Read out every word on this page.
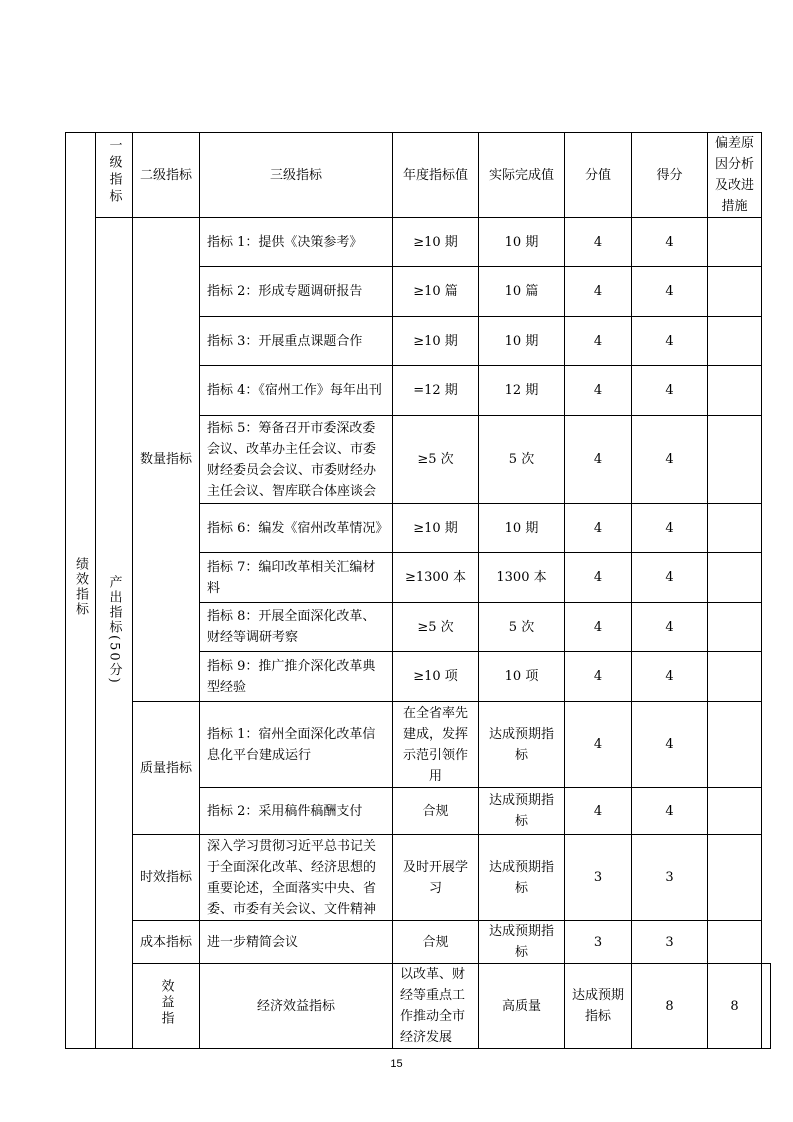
绩效指标	一级指标	二级指标	三级指标	年度指标值	实际完成值	分值	得分	偏差原因分析及改进措施	
	产出指标(50分)	数量指标	指标 1：提供《决策参考》	≥10 期	10 期	4	4		
			指标 2：形成专题调研报告	≥10 篇	10 篇	4	4		
			指标 3：开展重点课题合作	≥10 期	10 期	4	4		
			指标 4：《宿州工作》每年出刊	=12 期	12 期	4	4		
			指标 5：筹备召开市委深改委会议、改革办主任会议、市委财经委员会会议、市委财经办主任会议、智库联合体座谈会	≥5 次	5 次	4	4		
			指标 6：编发《宿州改革情况》	≥10 期	10 期	4	4		
			指标 7：编印改革相关汇编材料	≥1300 本	1300 本	4	4		
			指标 8：开展全面深化改革、财经等调研考察	≥5 次	5 次	4	4		
			指标 9：推广推介深化改革典型经验	≥10 项	10 项	4	4		
		质量指标	指标 1：宿州全面深化改革信息化平台建成运行	在全省率先建成，发挥示范引领作用	达成预期指标	4	4		
			指标 2：采用稿件稿酬支付	合规	达成预期指标	4	4		
		时效指标	深入学习贯彻习近平总书记关于全面深化改革、经济思想的重要论述，全面落实中央、省委、市委有关会议、文件精神	及时开展学习	达成预期指标	3	3		
		成本指标	进一步精简会议	合规	达成预期指标	3	3		
		效益指	经济效益指标	以改革、财经等重点工作推动全市经济发展	高质量	达成预期指标	8	8	
15
